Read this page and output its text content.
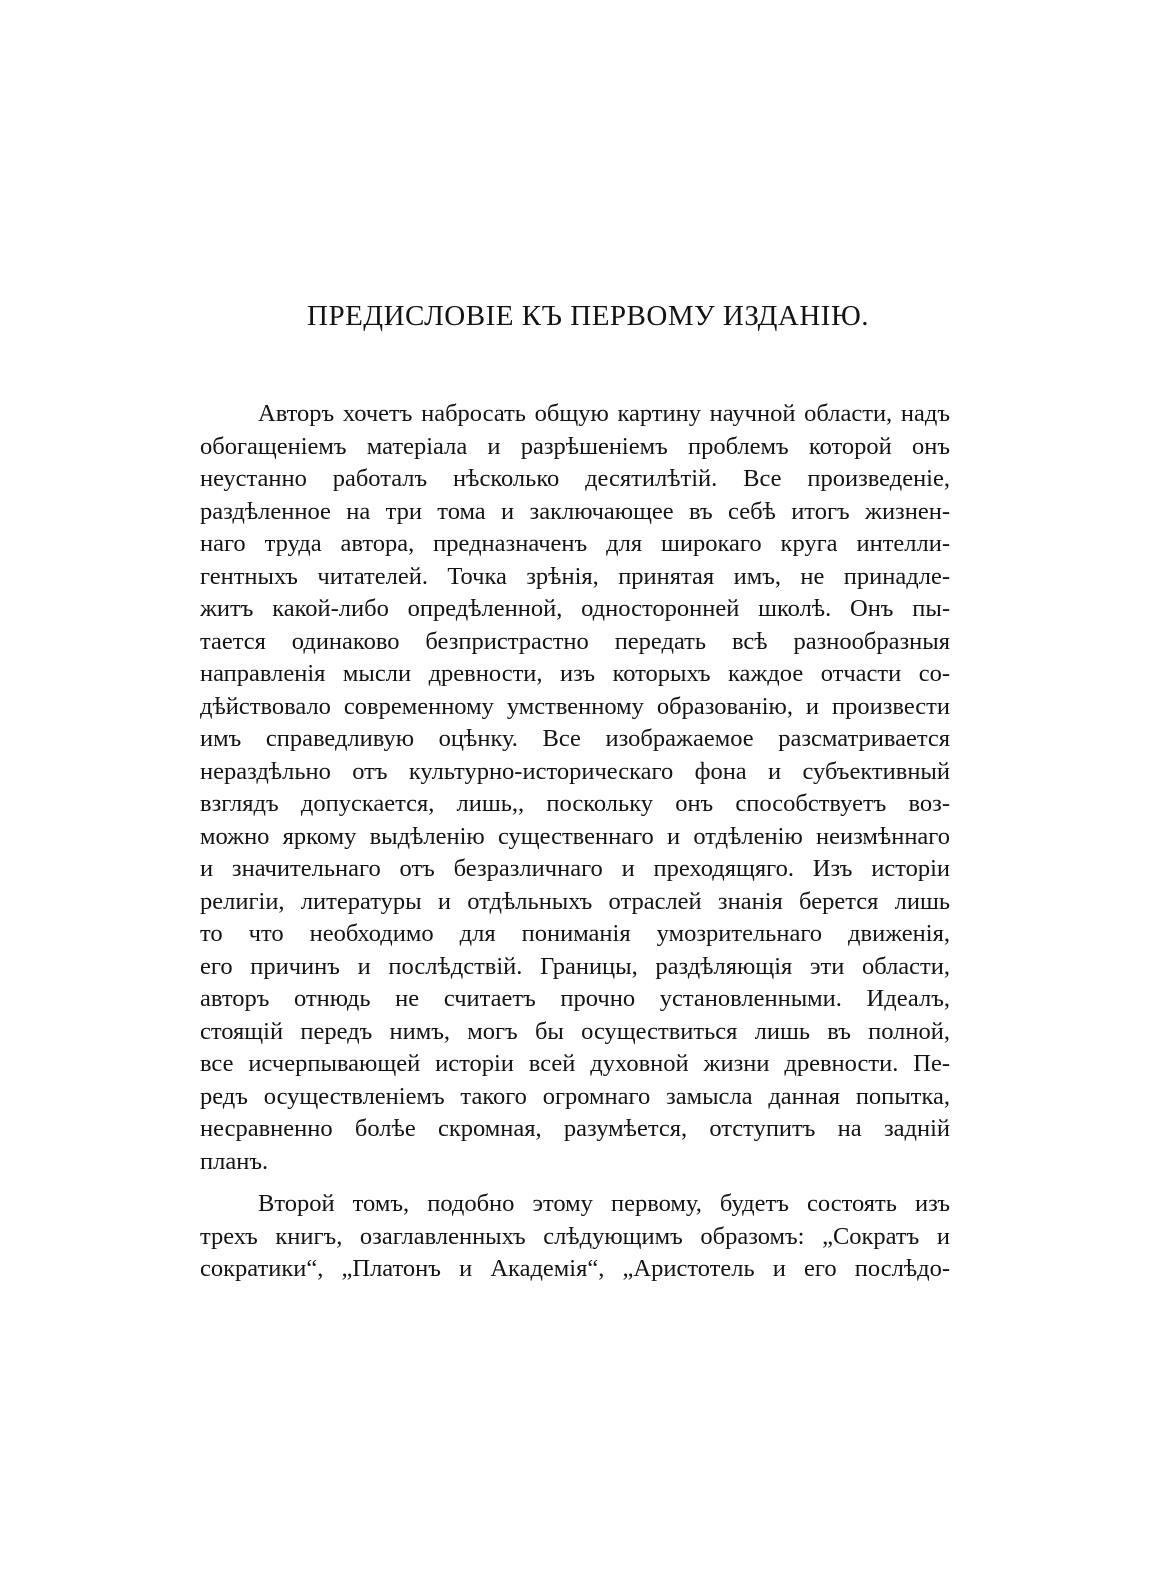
ПРЕДИСЛОВІЕ КЪ ПЕРВОМУ ИЗДАНІЮ.
Авторъ хочетъ набросать общую картину научной области, надъ
обогащеніемъ матеріала и разрѣшеніемъ проблемъ которой онъ
неустанно работалъ нѣсколько десятилѣтій. Все произведеніе,
раздѣленное на три тома и заключающее въ себѣ итогъ жизнен-
наго труда автора, предназначенъ для широкаго круга интелли-
гентныхъ читателей. Точка зрѣнія, принятая имъ, не принадле-
житъ какой-либо опредѣленной, односторонней школѣ. Онъ пы-
тается одинаково безпристрастно передать всѣ разнообразныя
направленія мысли древности, изъ которыхъ каждое отчасти со-
дѣйствовало современному умственному образованію, и произвести
имъ справедливую оцѣнку. Все изображаемое разсматривается
нераздѣльно отъ культурно-историческаго фона и субъективный
взглядъ допускается, лишь,, поскольку онъ способствуетъ воз-
можно яркому выдѣленію существеннаго и отдѣленію неизмѣннаго
и значительнаго отъ безразличнаго и преходящяго. Изъ исторіи
религіи, литературы и отдѣльныхъ отраслей знанія берется лишь
то что необходимо для пониманія умозрительнаго движенія,
его причинъ и послѣдствій. Границы, раздѣляющія эти области,
авторъ отнюдь не считаетъ прочно установленными. Идеалъ,
стоящій передъ нимъ, могъ бы осуществиться лишь въ полной,
все исчерпывающей исторіи всей духовной жизни древности. Пе-
редъ осуществленіемъ такого огромнаго замысла данная попытка,
несравненно болѣе скромная, разумѣется, отступитъ на задній
планъ.
Второй томъ, подобно этому первому, будетъ состоять изъ
трехъ книгъ, озаглавленныхъ слѣдующимъ образомъ: „Сократъ и
сократики“, „Платонъ и Академія“, „Аристотель и его послѣдо-
